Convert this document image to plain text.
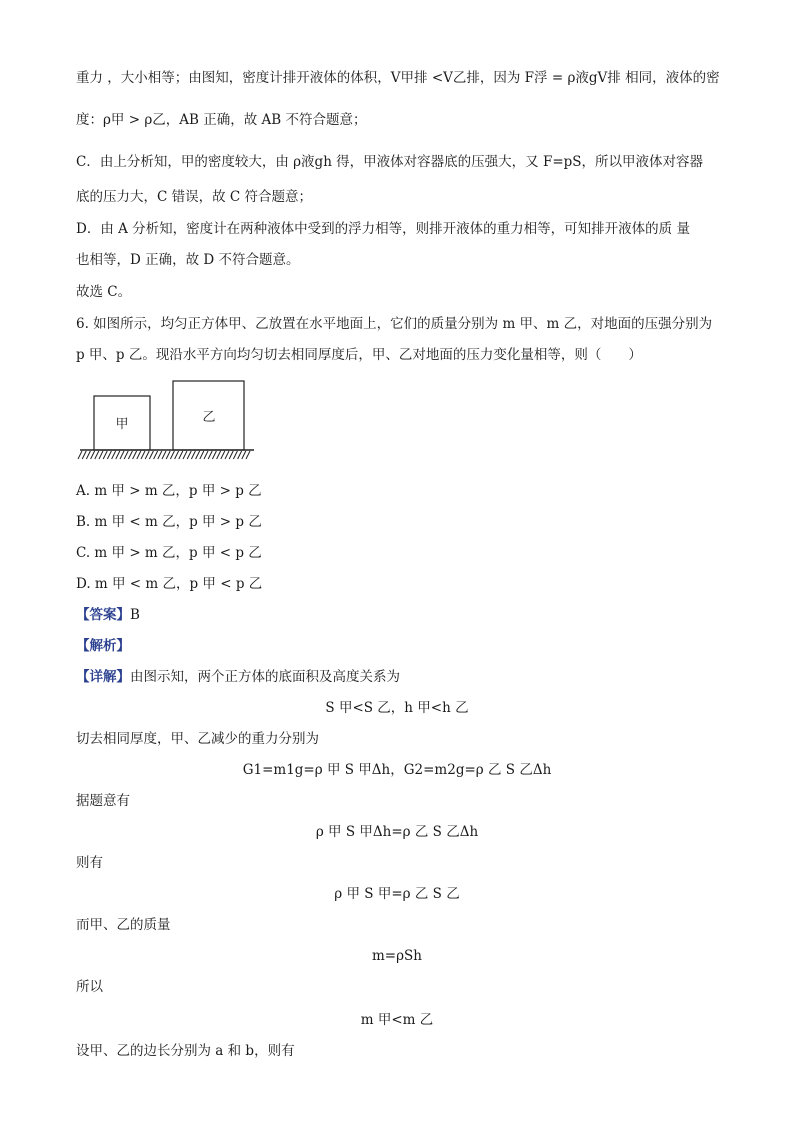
重力 ，大小相等；由图知，密度计排开液体的体积，V甲排 <V乙排，因为 F浮 = ρ液gV排 相同，液体的密
度：ρ甲 > ρ乙，AB 正确，故 AB 不符合题意；
C．由上分析知，甲的密度较大，由 ρ液gh 得，甲液体对容器底的压强大，又 F=pS，所以甲液体对容器
底的压力大，C 错误，故 C 符合题意；
D．由 A 分析知，密度计在两种液体中受到的浮力相等，则排开液体的重力相等，可知排开液体的质 量
也相等，D 正确，故 D 不符合题意。
故选 C。
6. 如图所示，均匀正方体甲、乙放置在水平地面上，它们的质量分别为 m 甲、m 乙，对地面的压强分别为
p 甲、p 乙。现沿水平方向均匀切去相同厚度后，甲、乙对地面的压力变化量相等，则（　　）
甲	乙
A. m 甲 > m 乙，p 甲 > p 乙
B. m 甲 < m 乙，p 甲 > p 乙
C. m 甲 > m 乙，p 甲 < p 乙
D. m 甲 < m 乙，p 甲 < p 乙
【答案】B
【解析】
【详解】由图示知，两个正方体的底面积及高度关系为
S 甲<S 乙，h 甲<h 乙
切去相同厚度，甲、乙减少的重力分别为
G1=m1g=ρ 甲 S 甲Δh，G2=m2g=ρ 乙 S 乙Δh
据题意有
ρ 甲 S 甲Δh=ρ 乙 S 乙Δh
则有
ρ 甲 S 甲=ρ 乙 S 乙
而甲、乙的质量
m=ρSh
所以
m 甲<m 乙
设甲、乙的边长分别为 a 和 b，则有
